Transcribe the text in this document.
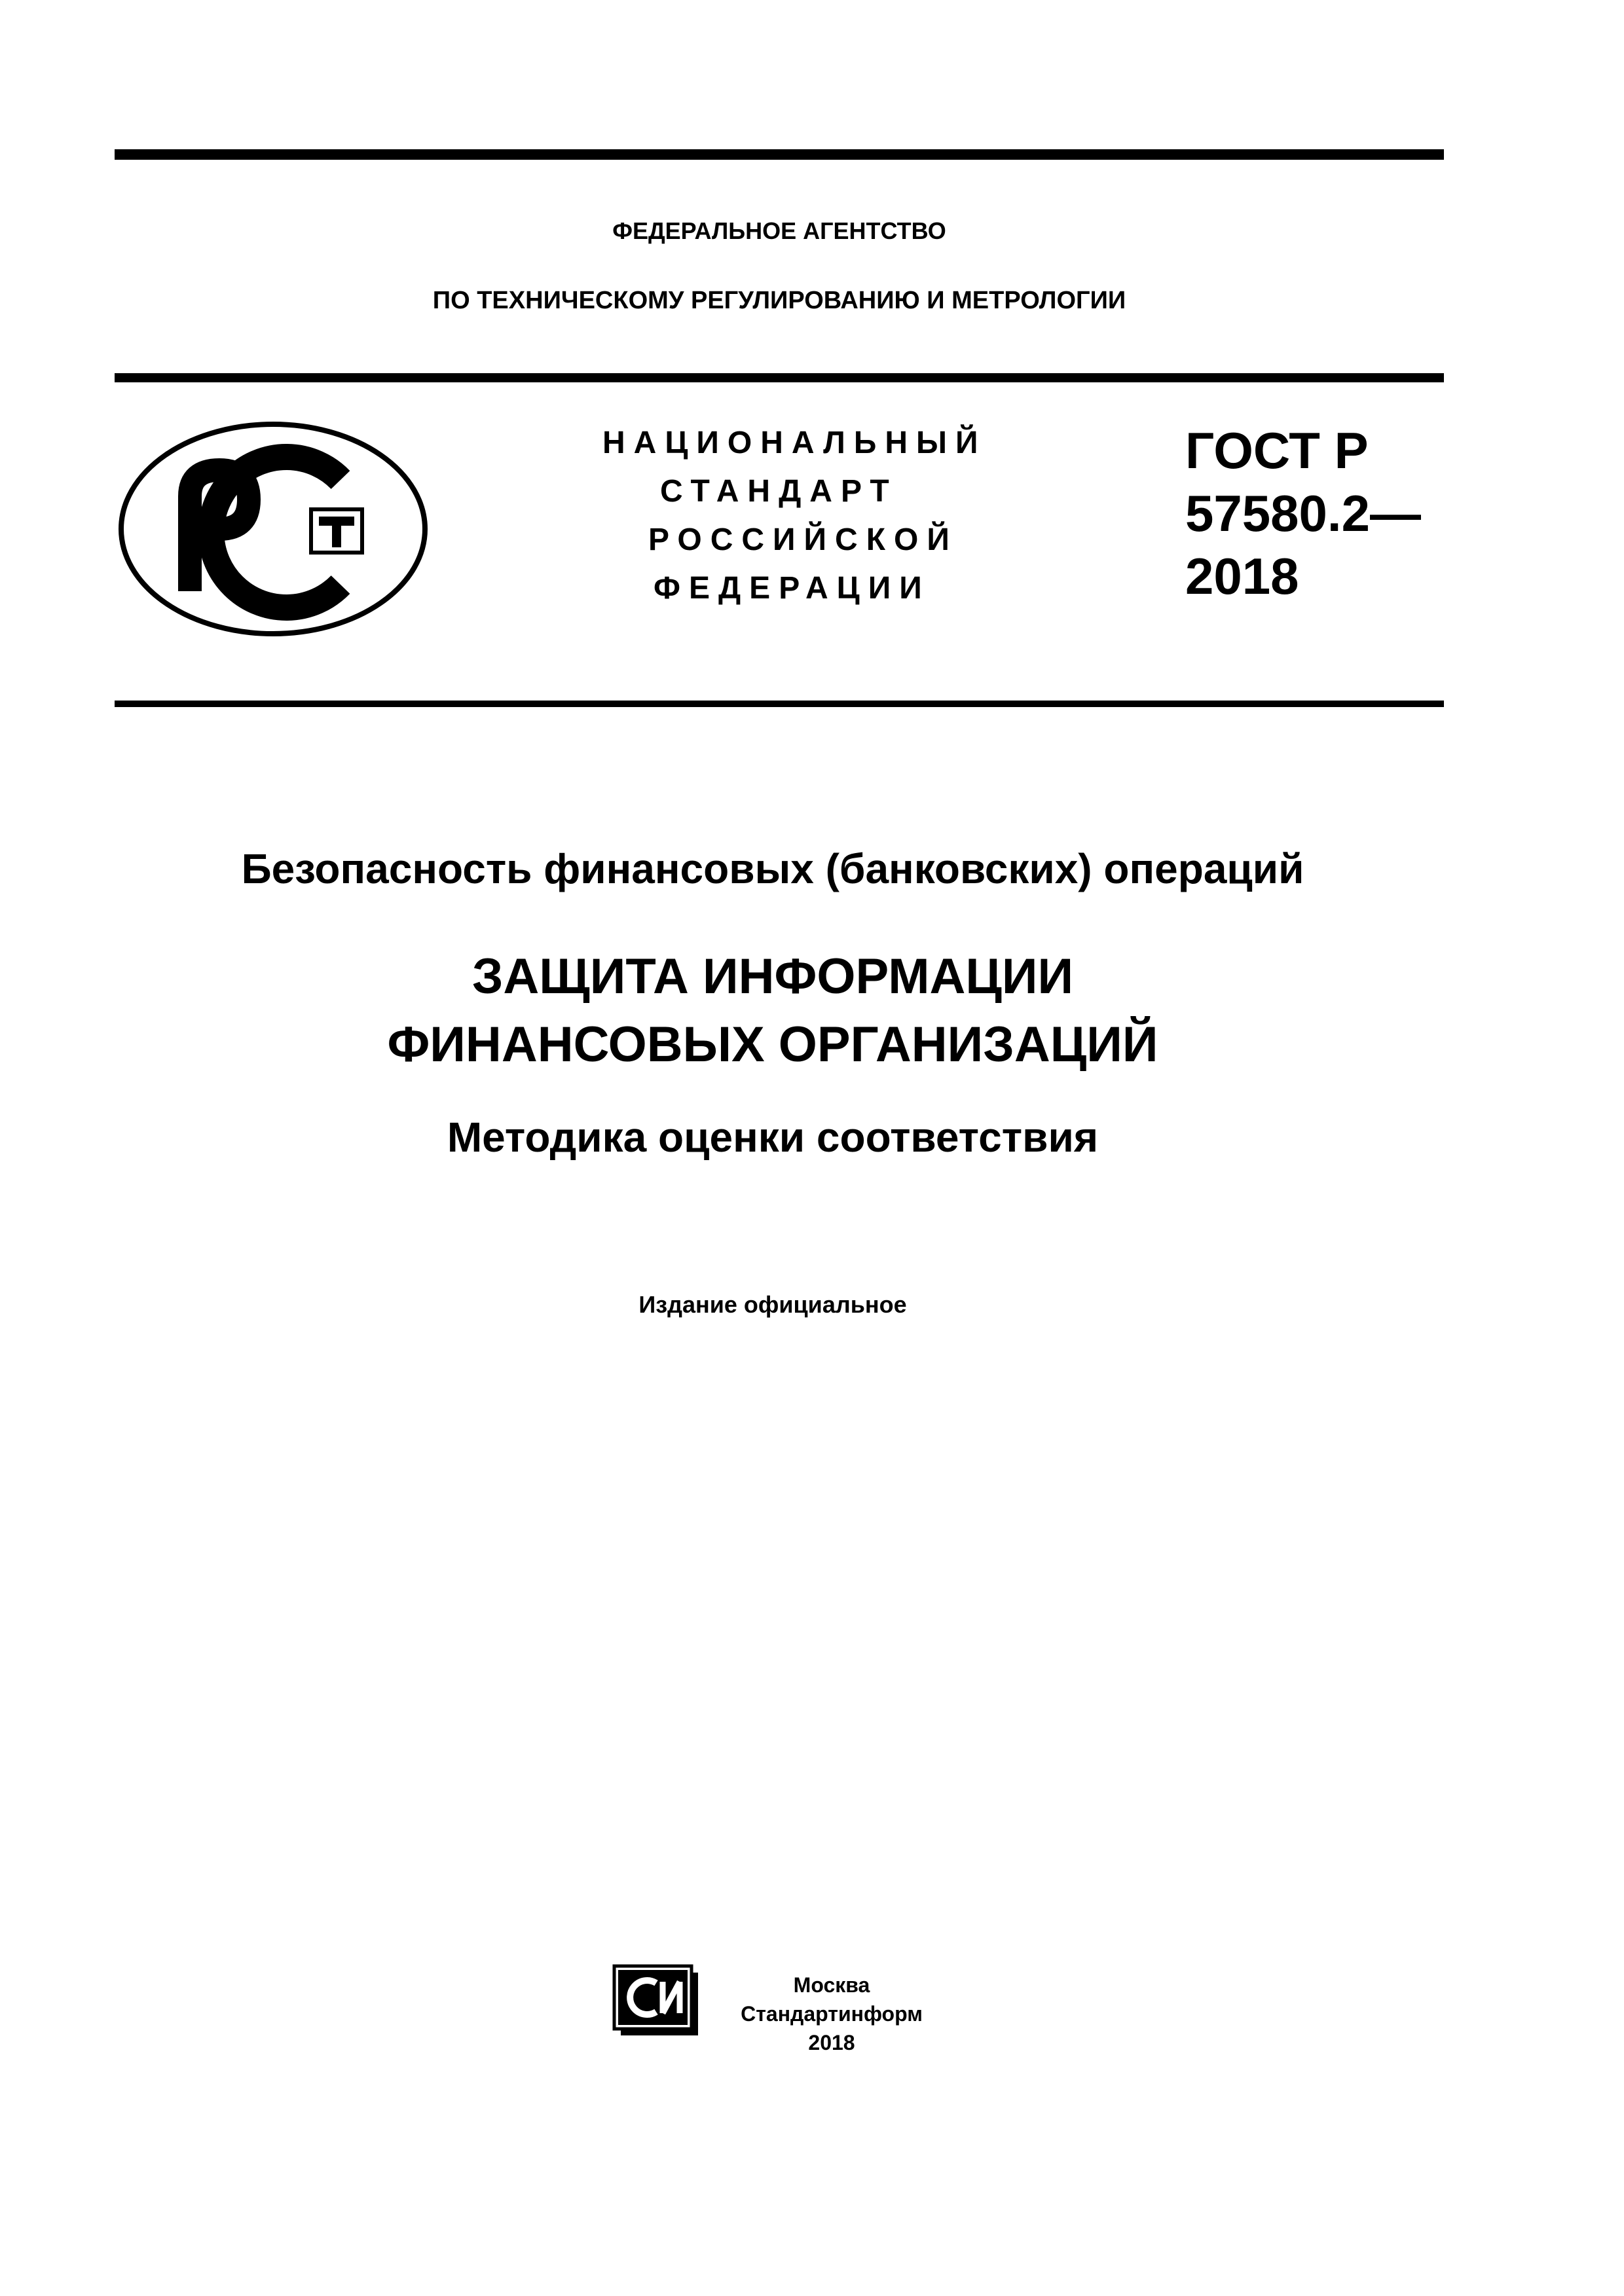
ФЕДЕРАЛЬНОЕ АГЕНТСТВО
ПО ТЕХНИЧЕСКОМУ РЕГУЛИРОВАНИЮ И МЕТРОЛОГИИ
РСТ
НАЦИОНАЛЬНЫЙ
СТАНДАРТ
РОССИЙСКОЙ
ФЕДЕРАЦИИ
ГОСТ Р
57580.2—
2018
Безопасность финансовых (банковских) операций
ЗАЩИТА ИНФОРМАЦИИ
ФИНАНСОВЫХ ОРГАНИЗАЦИЙ
Методика оценки соответствия
Издание официальное
СИ
Москва
Стандартинформ
2018
